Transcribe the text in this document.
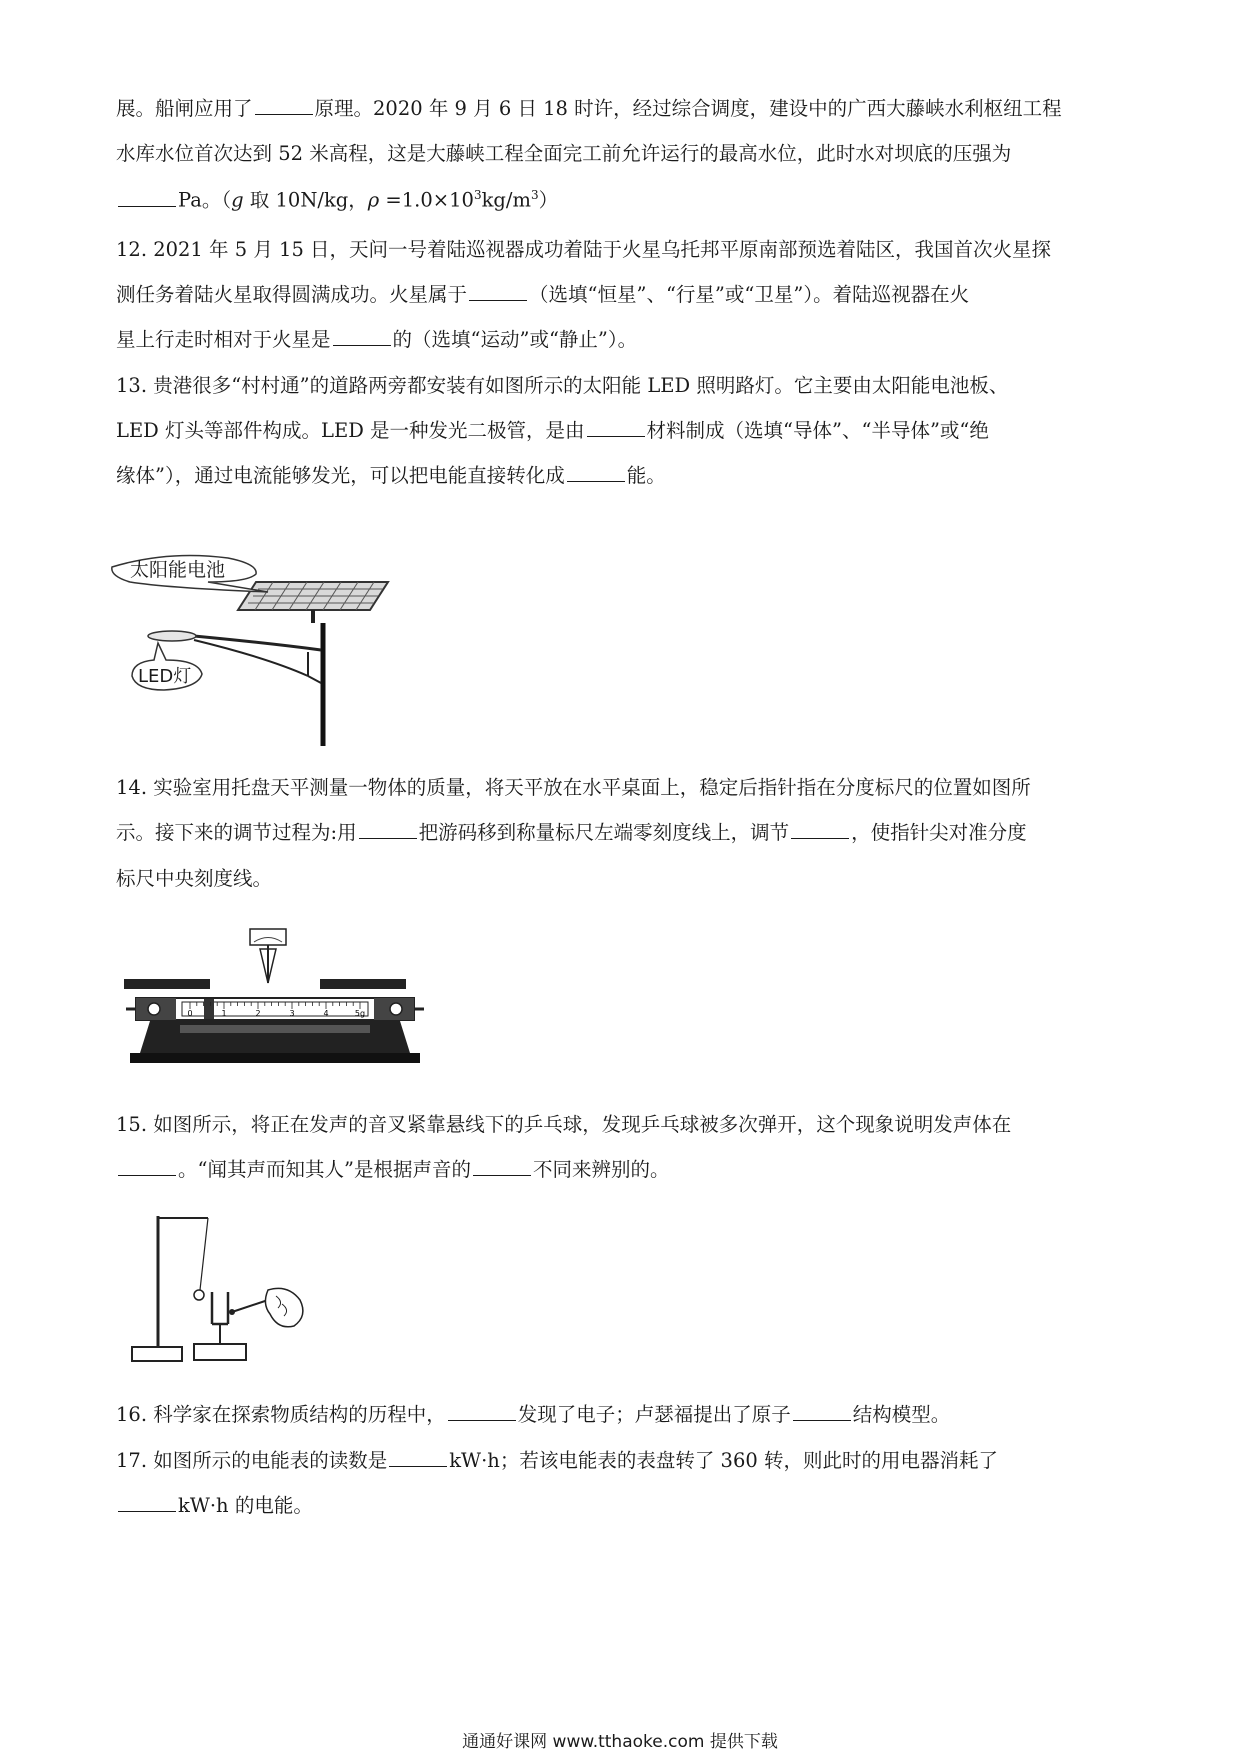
展。船闸应用了	原理。2020 年 9 月 6 日 18 时许，经过综合调度，建设中的广西大藤峡水利枢纽工程
水库水位首次达到 52 米高程，这是大藤峡工程全面完工前允许运行的最高水位，此时水对坝底的压强为
Pa。（g 取 10N/kg，$\rho =1.0\times 10^3kg/m^3$）
12. 2021 年 5 月 15 日，天问一号着陆巡视器成功着陆于火星乌托邦平原南部预选着陆区，我国首次火星探
测任务着陆火星取得圆满成功。火星属于	（选填“恒星”、“行星”或“卫星”）。着陆巡视器在火
星上行走时相对于火星是	的（选填“运动”或“静止”）。
13. 贵港很多“村村通”的道路两旁都安装有如图所示的太阳能 LED 照明路灯。它主要由太阳能电池板、
LED 灯头等部件构成。LED 是一种发光二极管，是由	材料制成（选填“导体”、“半导体”或“绝
缘体”），通过电流能够发光，可以把电能直接转化成	能。
太阳能电池
LED灯
14. 实验室用托盘天平测量一物体的质量，将天平放在水平桌面上，稳定后指针指在分度标尺的位置如图所
示。接下来的调节过程为:用	把游码移到称量标尺左端零刻度线上，调节	，使指针尖对准分度
标尺中央刻度线。
0	1	2	3	4	5g
15. 如图所示，将正在发声的音叉紧靠悬线下的乒乓球，发现乒乓球被多次弹开，这个现象说明发声体在
。“闻其声而知其人”是根据声音的	不同来辨别的。
16. 科学家在探索物质结构的历程中，	发现了电子；卢瑟福提出了原子	结构模型。
17. 如图所示的电能表的读数是	kW·h；若该电能表的表盘转了 360 转，则此时的用电器消耗了
kW·h 的电能。
通通好课网 www.tthaoke.com 提供下载
